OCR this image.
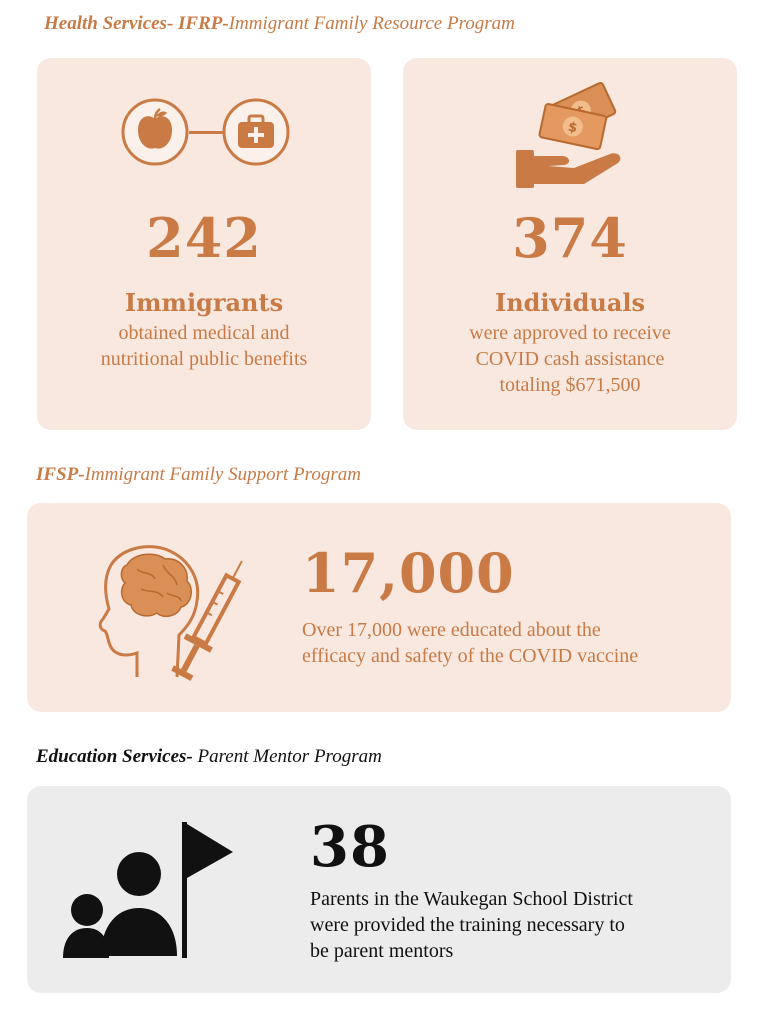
Health Services- IFRP-Immigrant Family Resource Program
242
Immigrants
obtained medical and
nutritional public benefits
$
374
Individuals
were approved to receive
COVID cash assistance
totaling $671,500
IFSP-Immigrant Family Support Program
17,000
Over 17,000 were educated about the
efficacy and safety of the COVID vaccine
Education Services- Parent Mentor Program
38
Parents in the Waukegan School District
were provided the training necessary to
be parent mentors
